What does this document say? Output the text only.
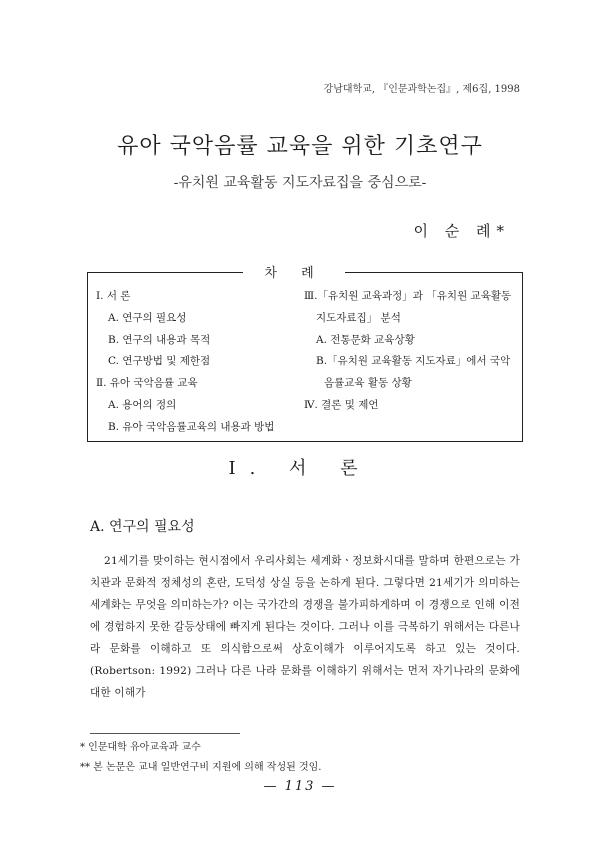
강남대학교, 『인문과학논집』, 제6집, 1998
유아 국악음률 교육을 위한 기초연구
-유치원 교육활동 지도자료집을 중심으로-
이 순 례*
차 례
Ⅰ. 서 론
A. 연구의 필요성
B. 연구의 내용과 목적
C. 연구방법 및 제한점
Ⅱ. 유아 국악음률 교육
A. 용어의 정의
B. 유아 국악음률교육의 내용과 방법
Ⅲ.「유치원 교육과정」과 「유치원 교육활동
지도자료집」 분석
A. 전통문화 교육상황
B.「유치원 교육활동 지도자료」에서 국악
음률교육 활동 상황
Ⅳ. 결론 및 제언
Ⅰ. 서 론
A. 연구의 필요성

21세기를 맞이하는 현시점에서 우리사회는 세계화ㆍ정보화시대를 말하며 한편으로는 가치관과 문화적 정체성의 혼란, 도덕성 상실 등을 논하게 된다. 그렇다면 21세기가 의미하는 세계화는 무엇을 의미하는가? 이는 국가간의 경쟁을 불가피하게하며 이 경쟁으로 인해 이전에 경험하지 못한 갈등상태에 빠지게 된다는 것이다. 그러나 이를 극복하기 위해서는 다른나라 문화를 이해하고 또 의식함으로써 상호이해가 이루어지도록 하고 있는 것이다.(Robertson: 1992) 그러나 다른 나라 문화를 이해하기 위해서는 먼저 자기나라의 문화에 대한 이해가

* 인문대학 유아교육과 교수
** 본 논문은 교내 일반연구비 지원에 의해 작성된 것임.
— 113 —
